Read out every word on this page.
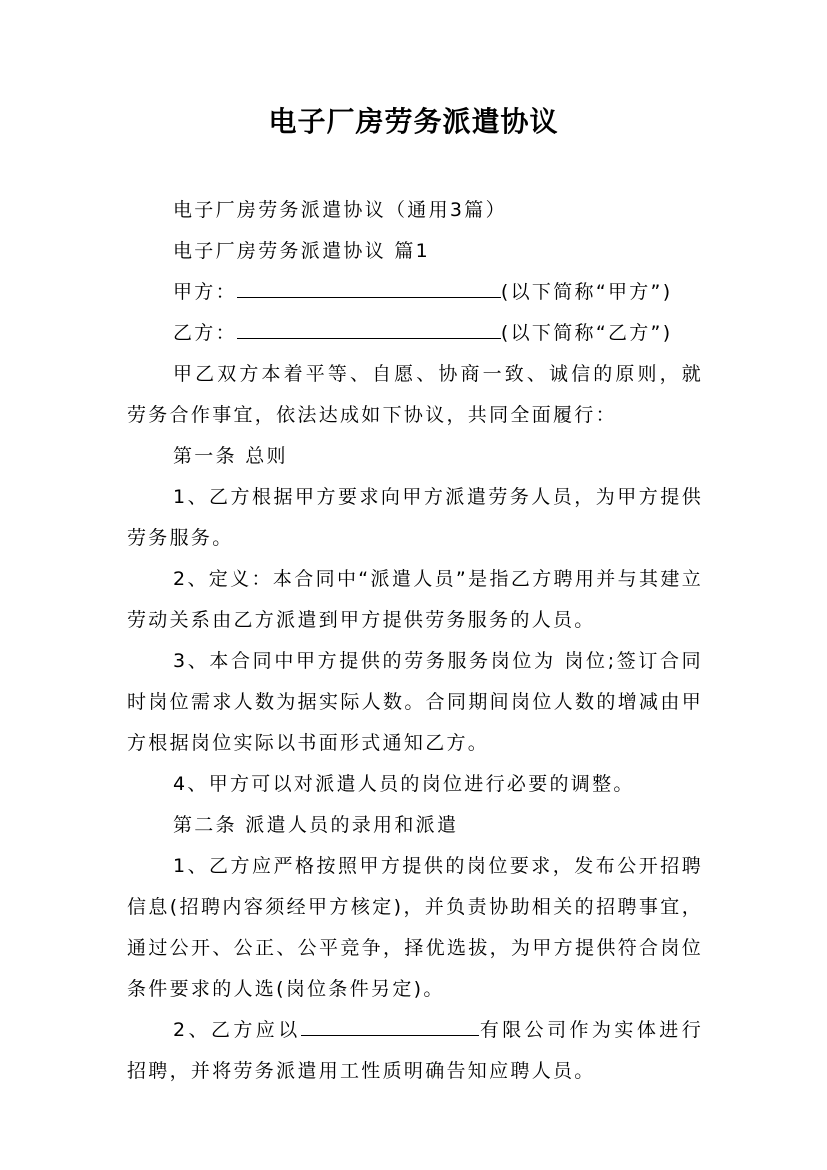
电子厂房劳务派遣协议

电子厂房劳务派遣协议（通用3篇）

电子厂房劳务派遣协议 篇1

甲方：	(以下简称“甲方”)

乙方：	(以下简称“乙方”)

甲乙双方本着平等、自愿、协商一致、诚信的原则，就劳务合作事宜，依法达成如下协议，共同全面履行：

第一条 总则

1、乙方根据甲方要求向甲方派遣劳务人员，为甲方提供劳务服务。

2、定义：本合同中“派遣人员”是指乙方聘用并与其建立劳动关系由乙方派遣到甲方提供劳务服务的人员。

3、本合同中甲方提供的劳务服务岗位为 岗位;签订合同时岗位需求人数为据实际人数。合同期间岗位人数的增减由甲方根据岗位实际以书面形式通知乙方。

4、甲方可以对派遣人员的岗位进行必要的调整。

第二条 派遣人员的录用和派遣

1、乙方应严格按照甲方提供的岗位要求，发布公开招聘信息(招聘内容须经甲方核定)，并负责协助相关的招聘事宜，通过公开、公正、公平竞争，择优选拔，为甲方提供符合岗位条件要求的人选(岗位条件另定)。

2、乙方应以	有限公司作为实体进行招聘，并将劳务派遣用工性质明确告知应聘人员。
